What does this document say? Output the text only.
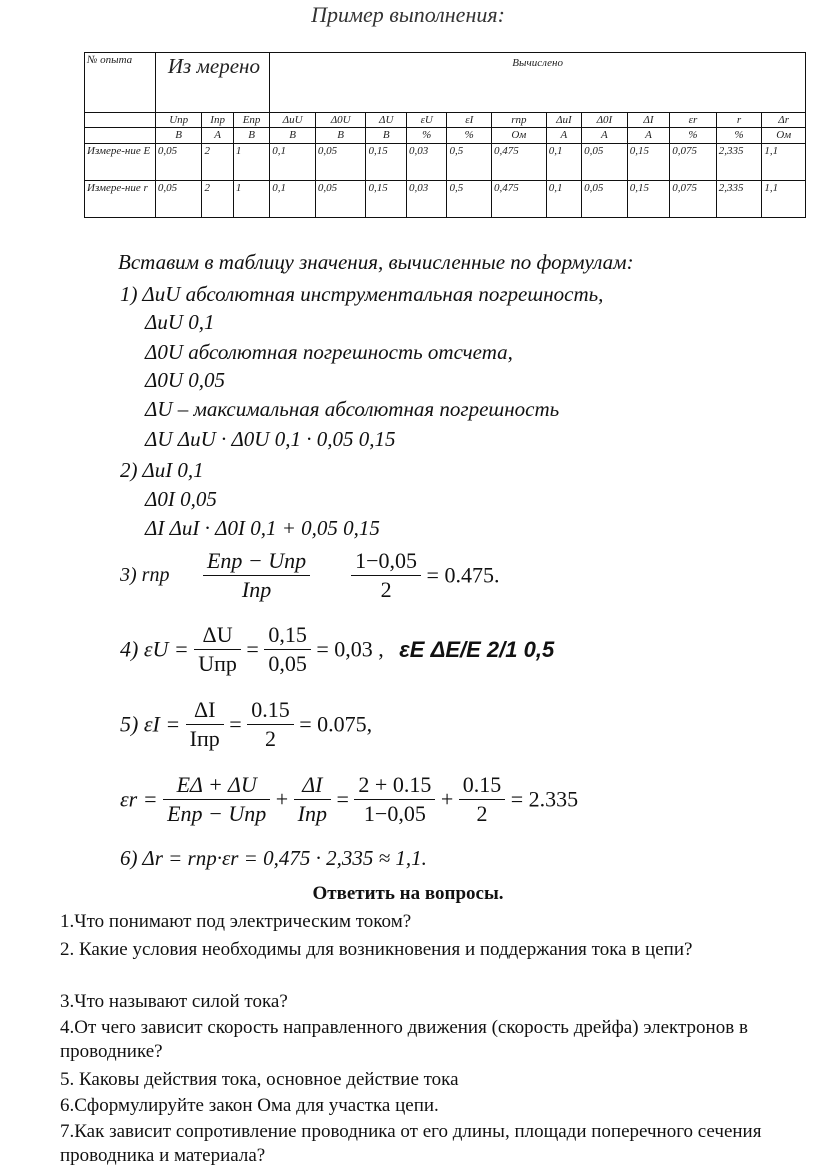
Пример выполнения:
№ опыта	Из мерено			Вычислено											
	Uпр	Iпр	Eпр	ΔuU	Δ0U	ΔU	εU	εI	rпр	ΔuI	Δ0I	ΔI	εr	r	Δr
	В	А	В	В	В	В	%	%	Ом	А	А	А	%	%	Ом
Измере-ние Е	0,05	2	1	0,1	0,05	0,15	0,03	0,5	0,475	0,1	0,05	0,15	0,075	2,335	1,1
Измере-ние r	0,05	2	1	0,1	0,05	0,15	0,03	0,5	0,475	0,1	0,05	0,15	0,075	2,335	1,1
Вставим в таблицу значения, вычисленные по формулам:
1) ΔuU абсолютная инструментальная погрешность,
ΔuU 0,1
Δ0U абсолютная погрешность отсчета,
Δ0U 0,05
ΔU – максимальная абсолютная погрешность
ΔU ΔuU · Δ0U 0,1 · 0,05 0,15
2) ΔuI 0,1
Δ0I 0,05
ΔI ΔuI · Δ0I 0,1 + 0,05 0,15
3) rпр $\frac{\text{Eпр − Uпр}}{\text{Iпр}}$
$\frac{1-0,05}{2} = 0.475$.
4) $\varepsilon U = \frac{\Delta U}{\text{Uпр}} = \frac{0,15}{0,05} = 0,03$ , εE ΔE/E 2/1 0,5
5) $\varepsilon I = \frac{\Delta I}{\text{Iпр}} = \frac{0.15}{2} = 0.075$,
$\varepsilon r = \frac{E\Delta + \Delta U}{\text{Eпр − Uпр}} + \frac{\Delta I}{\text{Iпр}} = \frac{2 + 0.15}{1-0,05} + \frac{0.15}{2} = 2.335$
6) Δr = rпр·εr = 0,475 · 2,335 ≈ 1,1.
Ответить на вопросы.
1.Что понимают под электрическим током?
2. Какие условия необходимы для возникновения и поддержания тока в цепи?
3.Что называют силой тока?
4.От чего зависит скорость направленного движения (скорость дрейфа) электронов в проводнике?
5. Каковы действия тока, основное действие тока
6.Сформулируйте закон Ома для участка цепи.
7.Как зависит сопротивление проводника от его длины, площади поперечного сечения проводника и материала?
